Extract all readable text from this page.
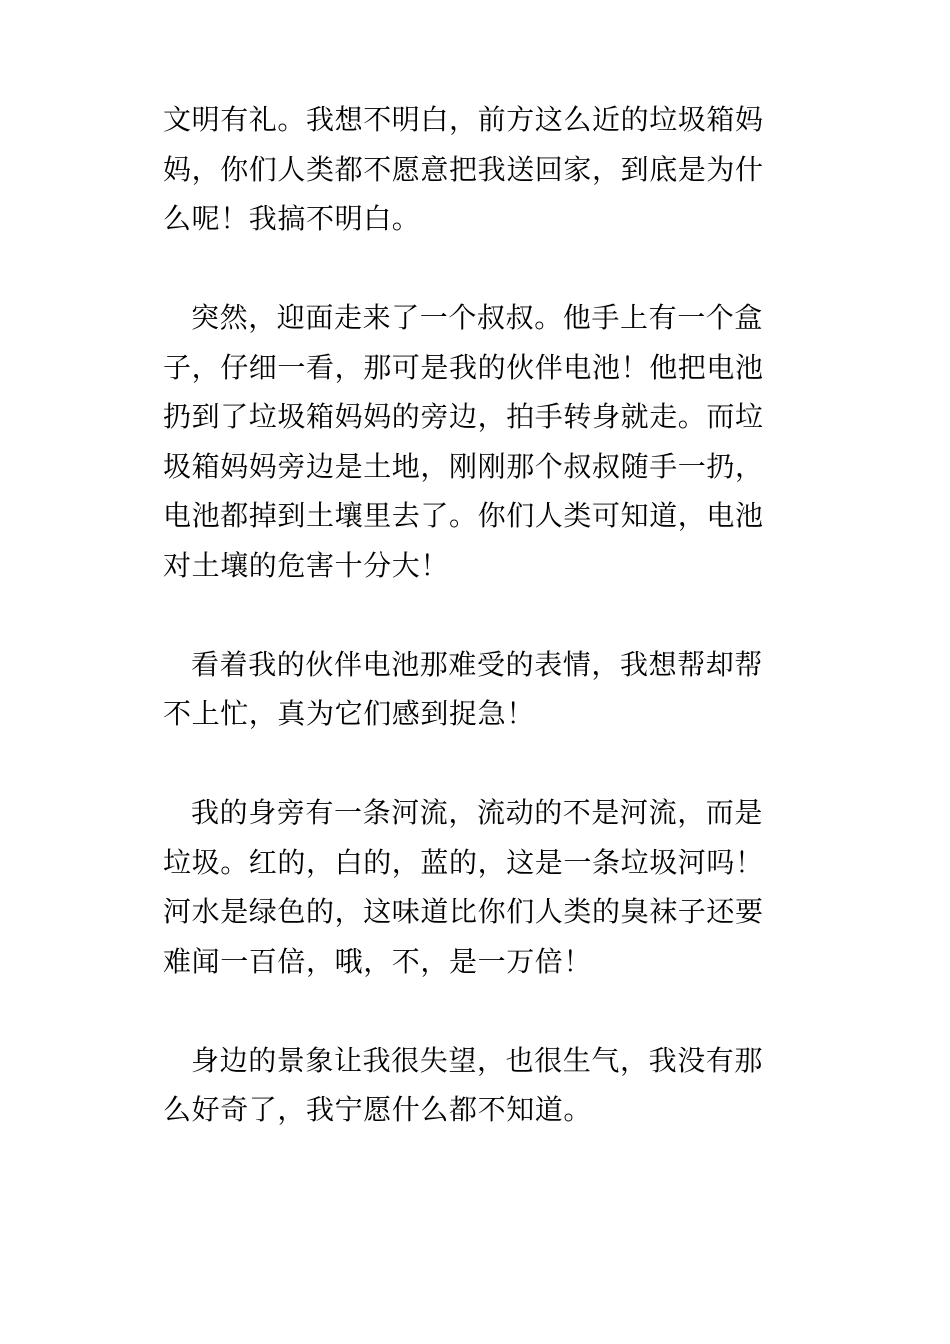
文明有礼。我想不明白，前方这么近的垃圾箱妈
妈，你们人类都不愿意把我送回家，到底是为什
么呢！我搞不明白。
突然，迎面走来了一个叔叔。他手上有一个盒
子，仔细一看，那可是我的伙伴电池！他把电池
扔到了垃圾箱妈妈的旁边，拍手转身就走。而垃
圾箱妈妈旁边是土地，刚刚那个叔叔随手一扔，
电池都掉到土壤里去了。你们人类可知道，电池
对土壤的危害十分大！
看着我的伙伴电池那难受的表情，我想帮却帮
不上忙，真为它们感到捉急！
我的身旁有一条河流，流动的不是河流，而是
垃圾。红的，白的，蓝的，这是一条垃圾河吗！
河水是绿色的，这味道比你们人类的臭袜子还要
难闻一百倍，哦，不，是一万倍！
身边的景象让我很失望，也很生气，我没有那
么好奇了，我宁愿什么都不知道。
